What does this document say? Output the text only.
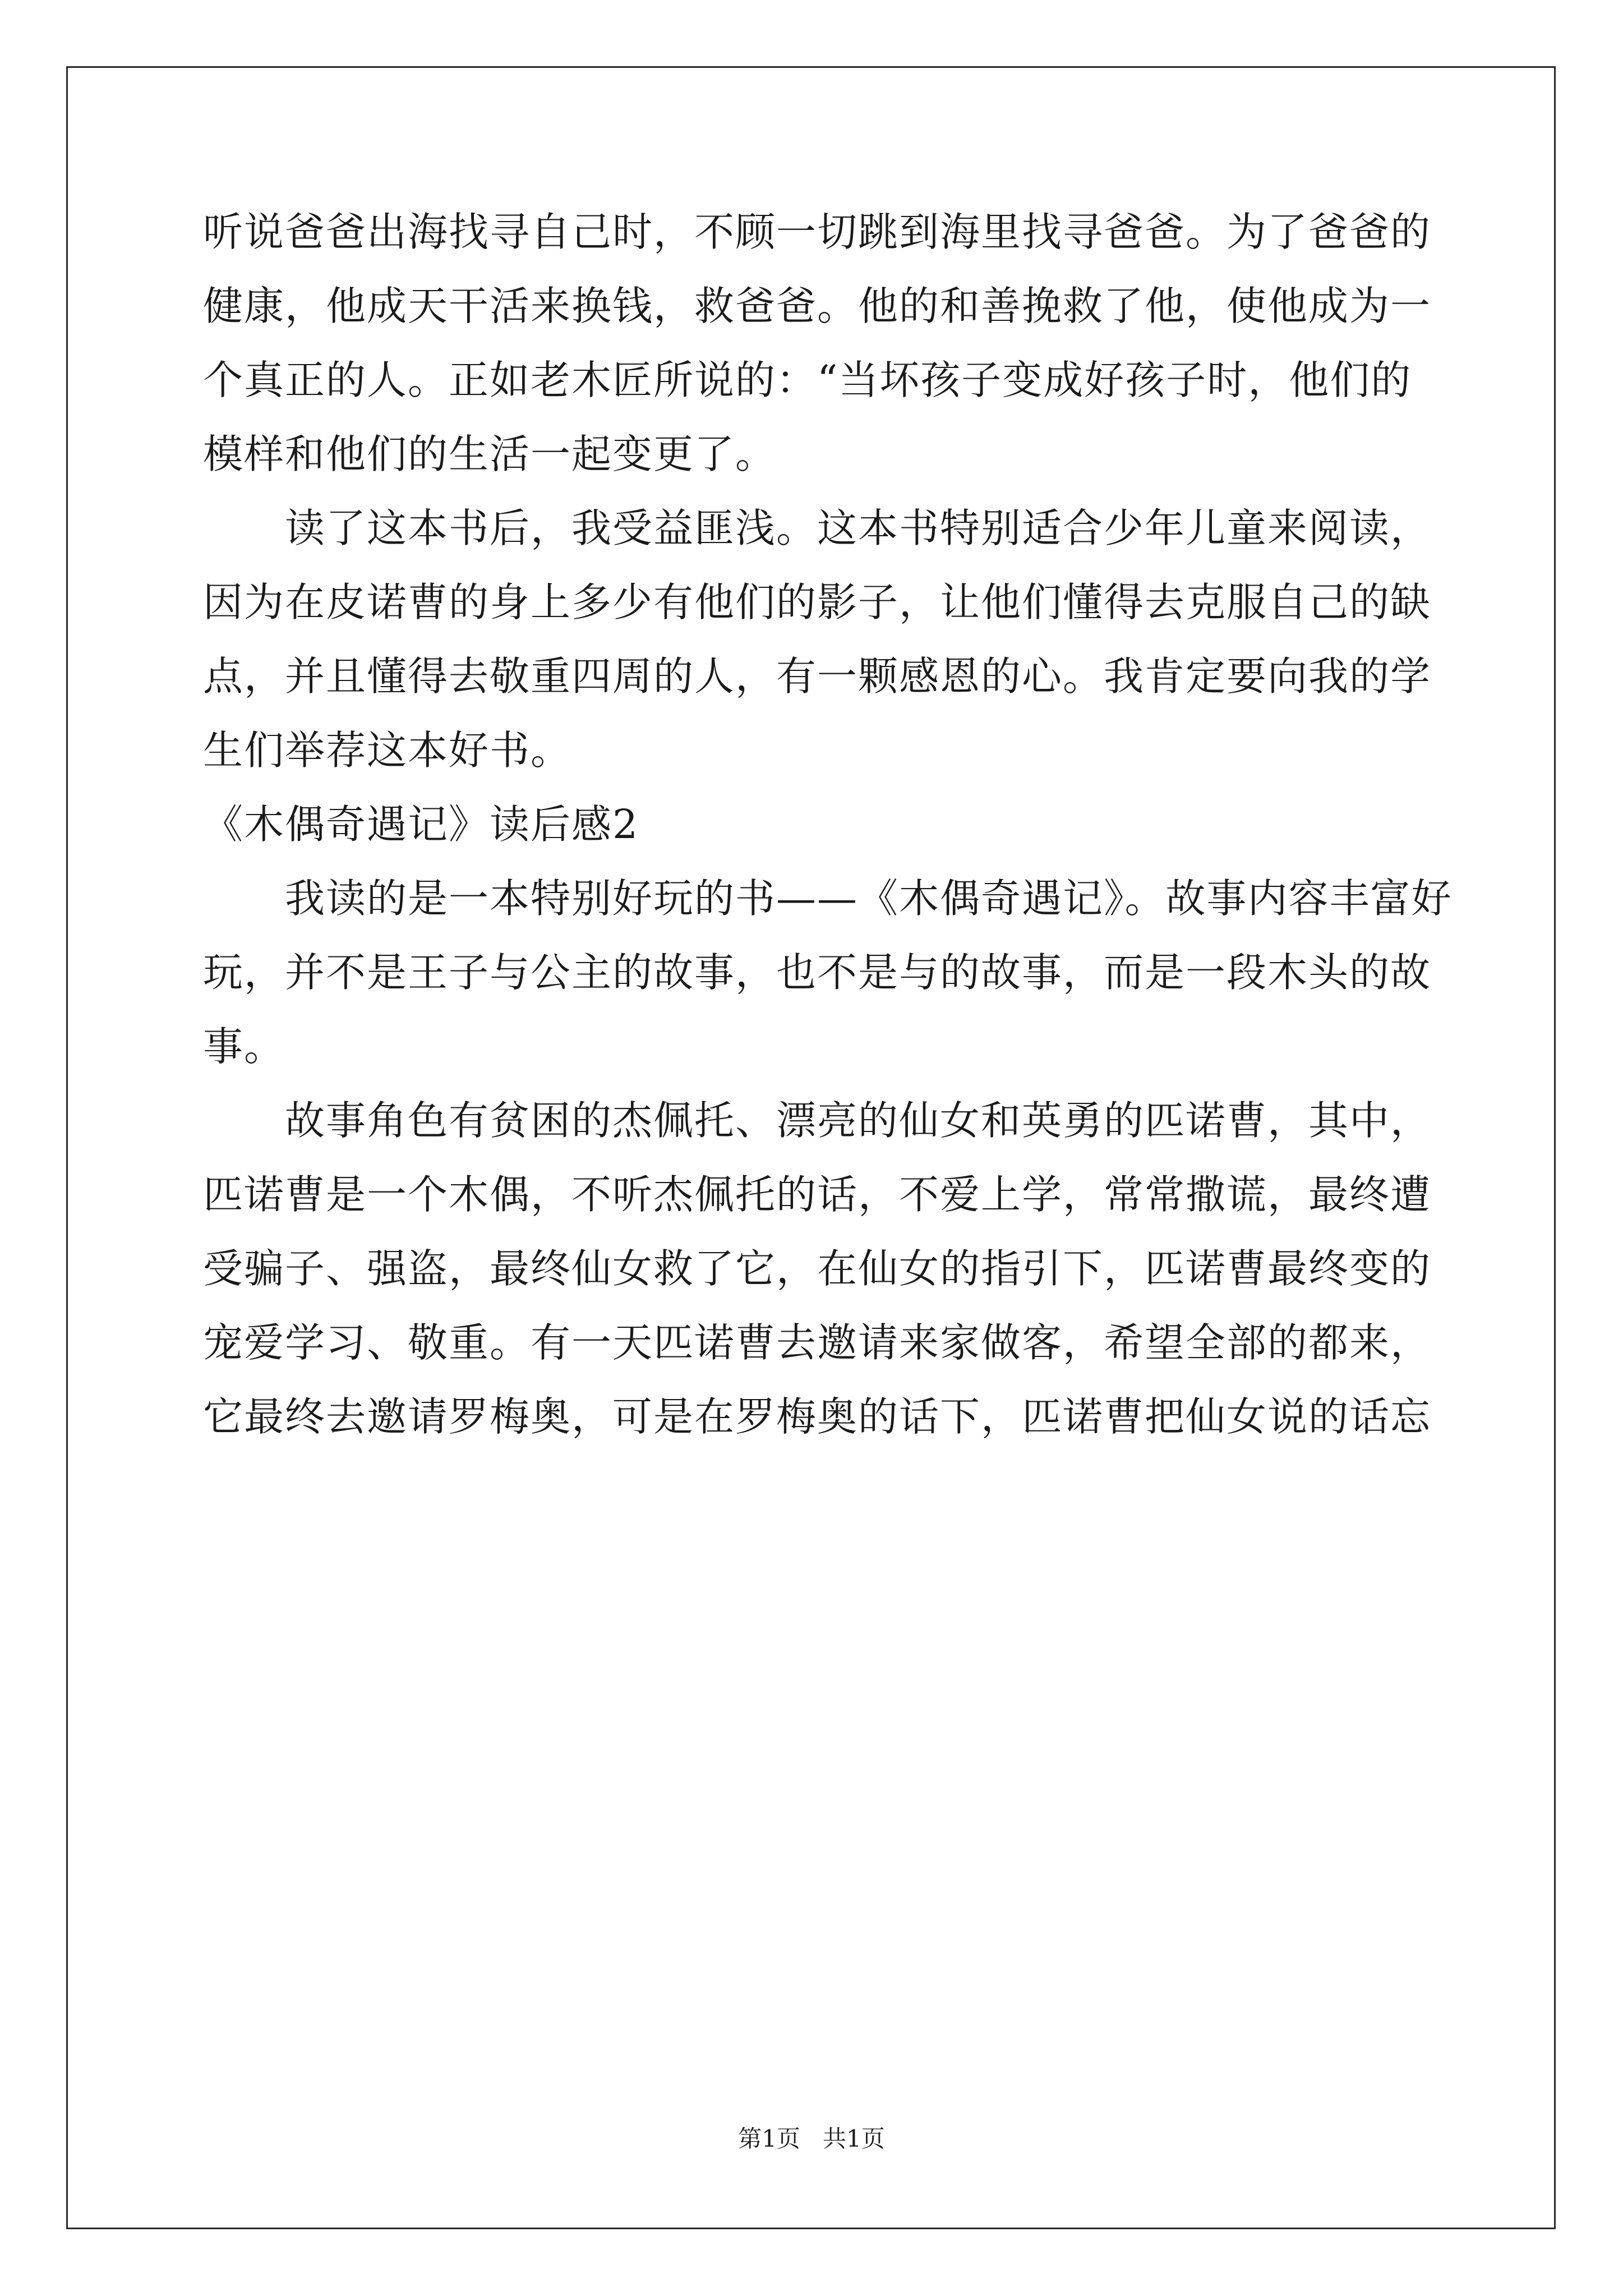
听说爸爸出海找寻自己时，不顾一切跳到海里找寻爸爸。为了爸爸的
健康，他成天干活来换钱，救爸爸。他的和善挽救了他，使他成为一
个真正的人。正如老木匠所说的：“当坏孩子变成好孩子时，他们的
模样和他们的生活一起变更了。
　　读了这本书后，我受益匪浅。这本书特别适合少年儿童来阅读，
因为在皮诺曹的身上多少有他们的影子，让他们懂得去克服自己的缺
点，并且懂得去敬重四周的人，有一颗感恩的心。我肯定要向我的学
生们举荐这本好书。
《木偶奇遇记》读后感2
　　我读的是一本特别好玩的书——《木偶奇遇记》。故事内容丰富好
玩，并不是王子与公主的故事，也不是与的故事，而是一段木头的故
事。
　　故事角色有贫困的杰佩托、漂亮的仙女和英勇的匹诺曹，其中，
匹诺曹是一个木偶，不听杰佩托的话，不爱上学，常常撒谎，最终遭
受骗子、强盗，最终仙女救了它，在仙女的指引下，匹诺曹最终变的
宠爱学习、敬重。有一天匹诺曹去邀请来家做客，希望全部的都来，
它最终去邀请罗梅奥，可是在罗梅奥的话下，匹诺曹把仙女说的话忘
第1页   共1页
